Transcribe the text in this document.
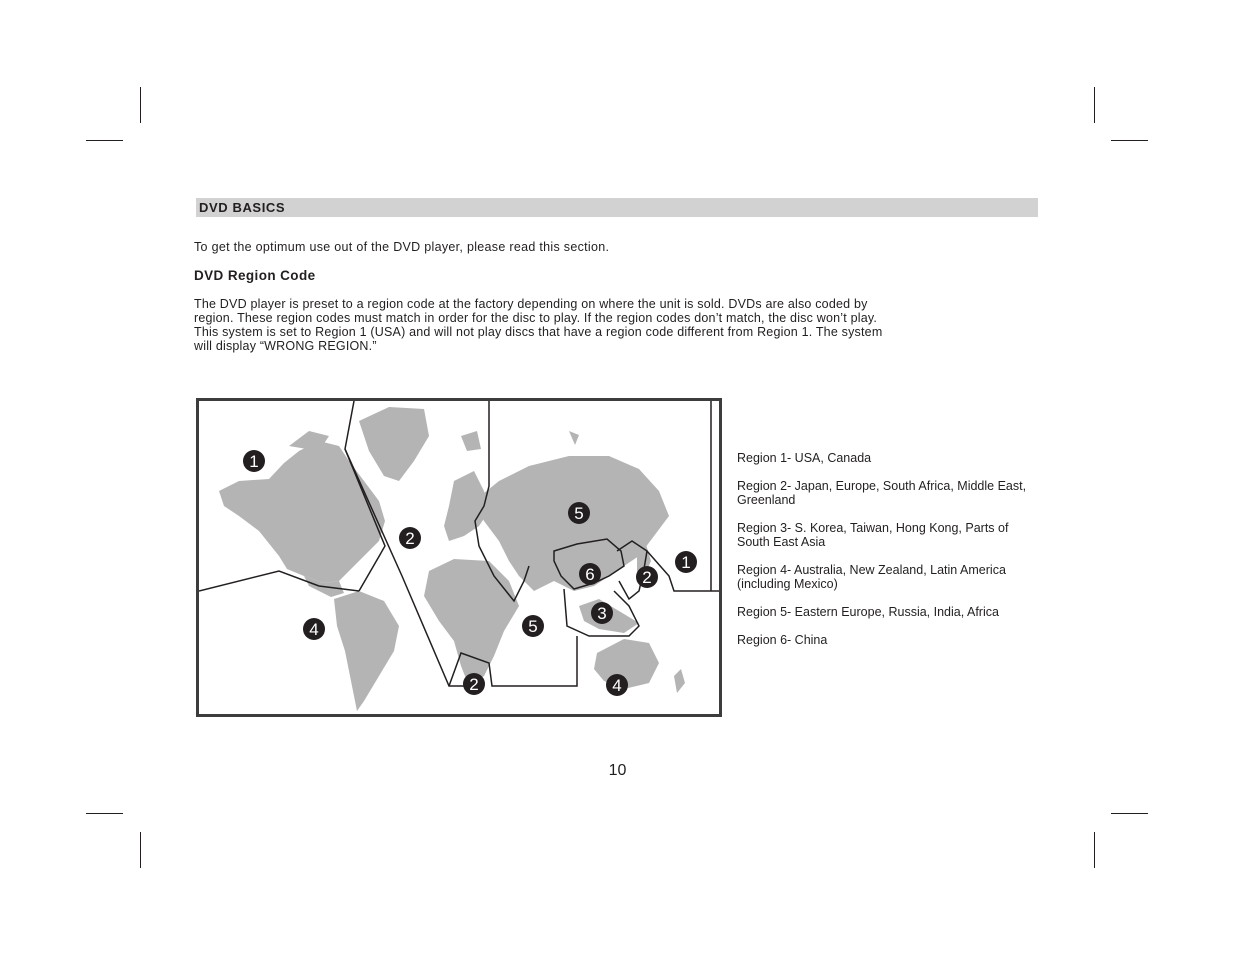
DVD BASICS
To get the optimum use out of the DVD player, please read this section.
DVD Region Code

The DVD player is preset to a region code at the factory depending on where the unit is sold. DVDs are also coded by
region. These region codes must match in order for the disc to play. If the region codes don’t match, the disc won’t play.
This system is set to Region 1 (USA) and will not play discs that have a region code different from Region 1. The system
will display “WRONG REGION.”

1
2
5
6	2
1
4
3
5
2	4
Region 1- USA, Canada
Region 2- Japan, Europe, South Africa, Middle East,
Greenland
Region 3- S. Korea, Taiwan, Hong Kong, Parts of
South East Asia
Region 4- Australia, New Zealand, Latin America
(including Mexico)
Region 5- Eastern Europe, Russia, India, Africa
Region 6- China
10
